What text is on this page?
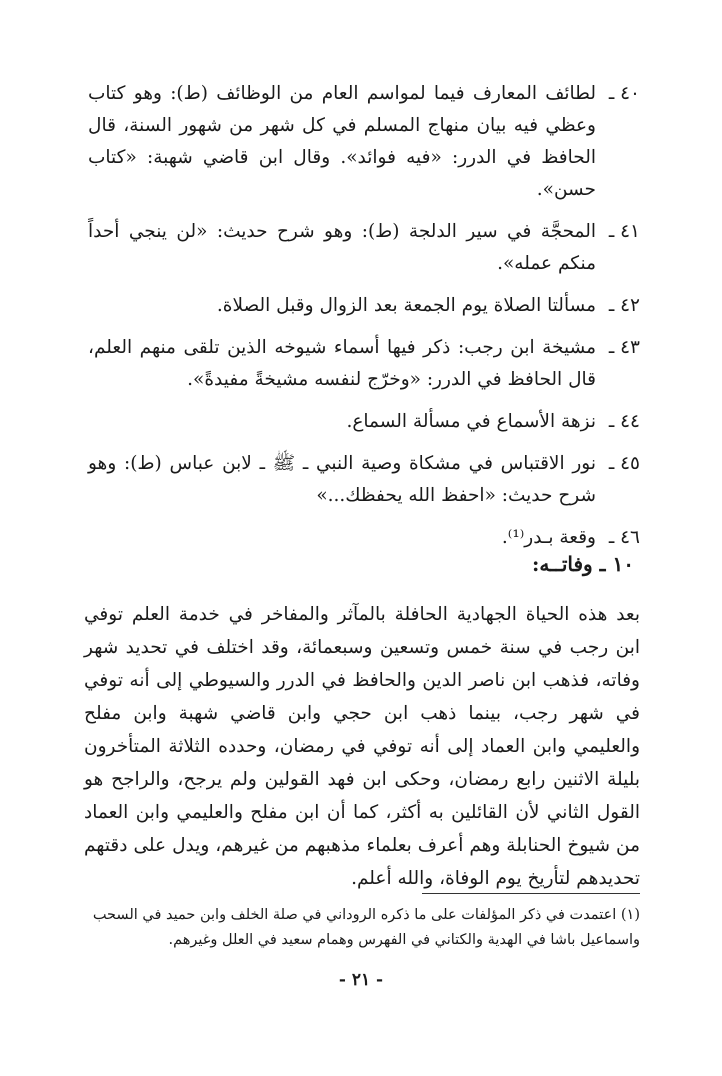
٤٠ ـ
لطائف المعارف فيما لمواسم العام من الوظائف (ط): وهو كتاب وعظي فيه بيان منهاج المسلم في كل شهر من شهور السنة، قال الحافظ في الدرر: «فيه فوائد». وقال ابن قاضي شهبة: «كتاب حسن».
٤١ ـ
المحجَّة في سير الدلجة (ط): وهو شرح حديث: «لن ينجي أحداً منكم عمله».
٤٢ ـ
مسألتا الصلاة يوم الجمعة بعد الزوال وقبل الصلاة.
٤٣ ـ
مشيخة ابن رجب: ذكر فيها أسماء شيوخه الذين تلقى منهم العلم، قال الحافظ في الدرر: «وخرّج لنفسه مشيخةً مفيدةً».
٤٤ ـ
نزهة الأسماع في مسألة السماع.
٤٥ ـ
نور الاقتباس في مشكاة وصية النبي ـ ﷺ ـ لابن عباس (ط): وهو شرح حديث: «احفظ الله يحفظك...»
٤٦ ـ
وقعة بـدر⁽¹⁾.
١٠ ـ وفاتــه:

بعد هذه الحياة الجهادية الحافلة بالمآثر والمفاخر في خدمة العلم توفي ابن رجب في سنة خمس وتسعين وسبعمائة، وقد اختلف في تحديد شهر وفاته، فذهب ابن ناصر الدين والحافظ في الدرر والسيوطي إلى أنه توفي في شهر رجب، بينما ذهب ابن حجي وابن قاضي شهبة وابن مفلح والعليمي وابن العماد إلى أنه توفي في رمضان، وحدده الثلاثة المتأخرون بليلة الاثنين رابع رمضان، وحكى ابن فهد القولين ولم يرجح، والراجح هو القول الثاني لأن القائلين به أكثر، كما أن ابن مفلح والعليمي وابن العماد من شيوخ الحنابلة وهم أعرف بعلماء مذهبهم من غيرهم، ويدل على دقتهم تحديدهم لتأريخ يوم الوفاة، والله أعلم.

(١) اعتمدت في ذكر المؤلفات على ما ذكره الروداني في صلة الخلف وابن حميد في السحب واسماعيل باشا في الهدية والكتاني في الفهرس وهمام سعيد في العلل وغيرهم.
- ٢١ -
